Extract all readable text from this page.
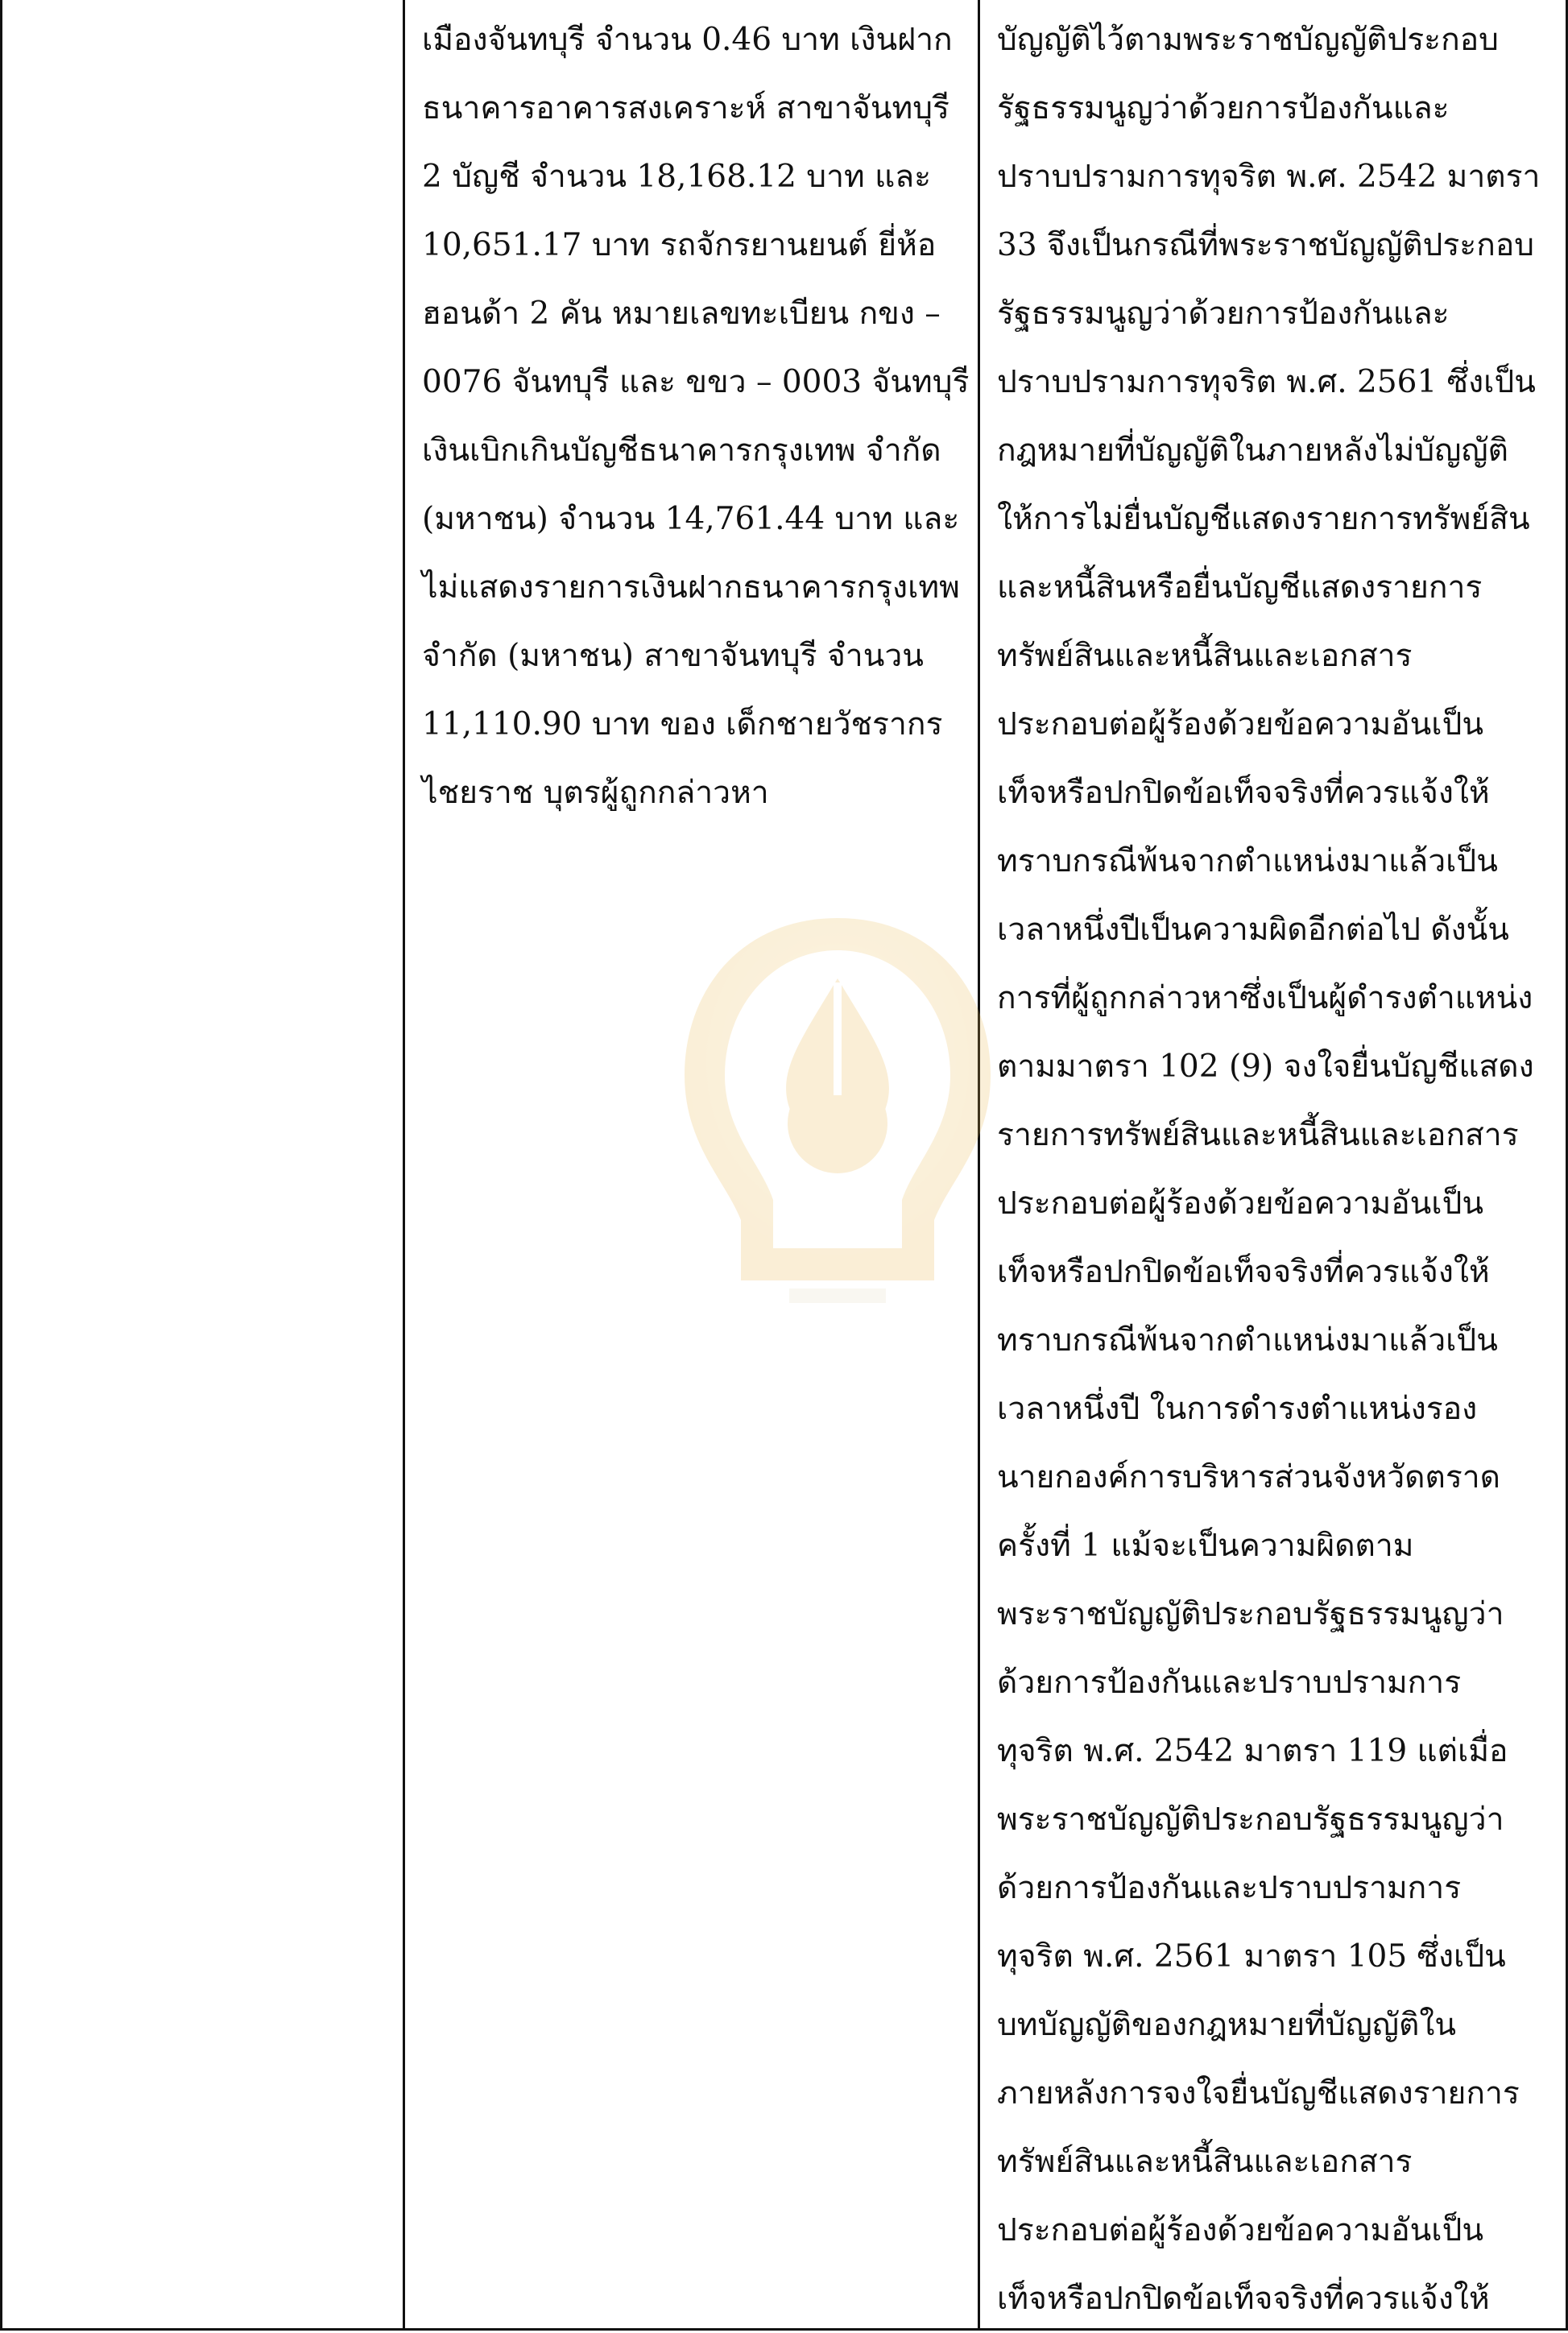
เมืองจันทบุรี จำนวน 0.46 บาท เงินฝาก
ธนาคารอาคารสงเคราะห์ สาขาจันทบุรี
2 บัญชี จำนวน 18,168.12 บาท และ
10,651.17 บาท รถจักรยานยนต์ ยี่ห้อ
ฮอนด้า 2 คัน หมายเลขทะเบียน กขง –
0076 จันทบุรี และ ขขว – 0003 จันทบุรี
เงินเบิกเกินบัญชีธนาคารกรุงเทพ จำกัด
(มหาชน) จำนวน 14,761.44 บาท และ
ไม่แสดงรายการเงินฝากธนาคารกรุงเทพ
จำกัด (มหาชน) สาขาจันทบุรี จำนวน
11,110.90 บาท ของ เด็กชายวัชรากร
ไชยราช บุตรผู้ถูกกล่าวหา
บัญญัติไว้ตามพระราชบัญญัติประกอบ
รัฐธรรมนูญว่าด้วยการป้องกันและ
ปราบปรามการทุจริต พ.ศ. 2542 มาตรา
33 จึงเป็นกรณีที่พระราชบัญญัติประกอบ
รัฐธรรมนูญว่าด้วยการป้องกันและ
ปราบปรามการทุจริต พ.ศ. 2561 ซึ่งเป็น
กฎหมายที่บัญญัติในภายหลังไม่บัญญัติ
ให้การไม่ยื่นบัญชีแสดงรายการทรัพย์สิน
และหนี้สินหรือยื่นบัญชีแสดงรายการ
ทรัพย์สินและหนี้สินและเอกสาร
ประกอบต่อผู้ร้องด้วยข้อความอันเป็น
เท็จหรือปกปิดข้อเท็จจริงที่ควรแจ้งให้
ทราบกรณีพ้นจากตำแหน่งมาแล้วเป็น
เวลาหนึ่งปีเป็นความผิดอีกต่อไป ดังนั้น
การที่ผู้ถูกกล่าวหาซึ่งเป็นผู้ดำรงตำแหน่ง
ตามมาตรา 102 (9) จงใจยื่นบัญชีแสดง
รายการทรัพย์สินและหนี้สินและเอกสาร
ประกอบต่อผู้ร้องด้วยข้อความอันเป็น
เท็จหรือปกปิดข้อเท็จจริงที่ควรแจ้งให้
ทราบกรณีพ้นจากตำแหน่งมาแล้วเป็น
เวลาหนึ่งปี ในการดำรงตำแหน่งรอง
นายกองค์การบริหารส่วนจังหวัดตราด
ครั้งที่ 1 แม้จะเป็นความผิดตาม
พระราชบัญญัติประกอบรัฐธรรมนูญว่า
ด้วยการป้องกันและปราบปรามการ
ทุจริต พ.ศ. 2542 มาตรา 119 แต่เมื่อ
พระราชบัญญัติประกอบรัฐธรรมนูญว่า
ด้วยการป้องกันและปราบปรามการ
ทุจริต พ.ศ. 2561 มาตรา 105 ซึ่งเป็น
บทบัญญัติของกฎหมายที่บัญญัติใน
ภายหลังการจงใจยื่นบัญชีแสดงรายการ
ทรัพย์สินและหนี้สินและเอกสาร
ประกอบต่อผู้ร้องด้วยข้อความอันเป็น
เท็จหรือปกปิดข้อเท็จจริงที่ควรแจ้งให้
